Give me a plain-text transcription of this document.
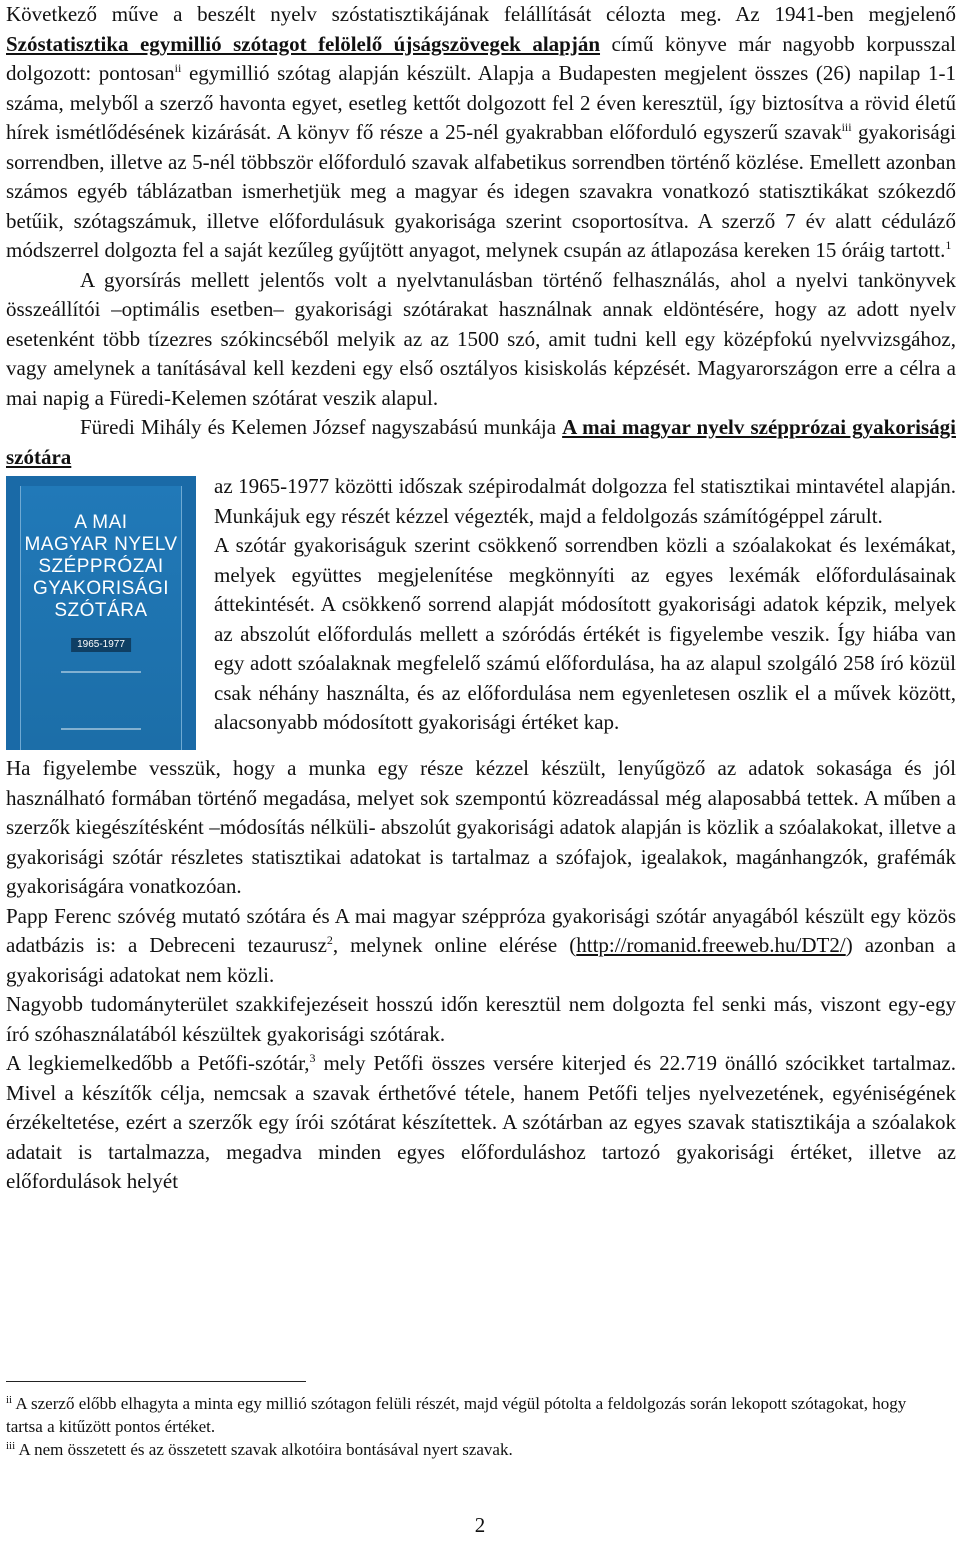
Következő műve a beszélt nyelv szóstatisztikájának felállítását célozta meg. Az 1941-ben megjelenő Szóstatisztika egymillió szótagot felölelő újságszövegek alapján című könyve már nagyobb korpusszal dolgozott: pontosan$^{ii}$ egymillió szótag alapján készült. Alapja a Budapesten megjelent összes (26) napilap 1-1 száma, melyből a szerző havonta egyet, esetleg kettőt dolgozott fel 2 éven keresztül, így biztosítva a rövid életű hírek ismétlődésének kizárását. A könyv fő része a 25-nél gyakrabban előforduló egyszerű szavak$^{iii}$ gyakorisági sorrendben, illetve az 5-nél többször előforduló szavak alfabetikus sorrendben történő közlése. Emellett azonban számos egyéb táblázatban ismerhetjük meg a magyar és idegen szavakra vonatkozó statisztikákat szókezdő betűik, szótagszámuk, illetve előfordulásuk gyakorisága szerint csoportosítva. A szerző 7 év alatt céduláző módszerrel dolgozta fel a saját kezűleg gyűjtött anyagot, melynek csupán az átlapozása kereken 15 óráig tartott.$^1$

A gyorsírás mellett jelentős volt a nyelvtanulásban történő felhasználás, ahol a nyelvi tankönyvek összeállítói –optimális esetben– gyakorisági szótárakat használnak annak eldöntésére, hogy az adott nyelv esetenként több tízezres szókincséből melyik az az 1500 szó, amit tudni kell egy középfokú nyelvvizsgához, vagy amelynek a tanításával kell kezdeni egy első osztályos kisiskolás képzését. Magyarországon erre a célra a mai napig a Füredi-Kelemen szótárat veszik alapul.

Füredi Mihály és Kelemen József nagyszabású munkája A mai magyar nyelv szépprózai gyakorisági szótára

A MAI
MAGYAR NYELV
SZÉPPRÓZAI
GYAKORISÁGI
SZÓTÁRA
1965-1977

az 1965-1977 közötti időszak szépirodalmát dolgozza fel statisztikai mintavétel alapján. Munkájuk egy részét kézzel végezték, majd a feldolgozás számítógéppel zárult.

A szótár gyakoriságuk szerint csökkenő sorrendben közli a szóalakokat és lexémákat, melyek együttes megjelenítése megkönnyíti az egyes lexémák előfordulásainak áttekintését. A csökkenő sorrend alapját módosított gyakorisági adatok képzik, melyek az abszolút előfordulás mellett a szóródás értékét is figyelembe veszik. Így hiába van egy adott szóalaknak megfelelő számú előfordulása, ha az alapul szolgáló 258 író közül csak néhány használta, és az előfordulása nem egyenletesen oszlik el a művek között, alacsonyabb módosított gyakorisági értéket kap.

Ha figyelembe vesszük, hogy a munka egy része kézzel készült, lenyűgöző az adatok sokasága és jól használható formában történő megadása, melyet sok szempontú közreadással még alaposabbá tettek. A műben a szerzők kiegészítésként –módosítás nélküli- abszolút gyakorisági adatok alapján is közlik a szóalakokat, illetve a gyakorisági szótár részletes statisztikai adatokat is tartalmaz a szófajok, igealakok, magánhangzók, grafémák gyakoriságára vonatkozóan.

Papp Ferenc szóvég mutató szótára és A mai magyar széppróza gyakorisági szótár anyagából készült egy közös adatbázis is: a Debreceni tezaurusz$^2$, melynek online elérése (http://romanid.freeweb.hu/DT2/) azonban a gyakorisági adatokat nem közli.

Nagyobb tudományterület szakkifejezéseit hosszú időn keresztül nem dolgozta fel senki más, viszont egy-egy író szóhasználatából készültek gyakorisági szótárak.

A legkiemelkedőbb a Petőfi-szótár,$^3$ mely Petőfi összes versére kiterjed és 22.719 önálló szócikket tartalmaz. Mivel a készítők célja, nemcsak a szavak érthetővé tétele, hanem Petőfi teljes nyelvezetének, egyéniségének érzékeltetése, ezért a szerzők egy írói szótárat készítettek. A szótárban az egyes szavak statisztikája a szóalakok adatait is tartalmazza, megadva minden egyes előforduláshoz tartozó gyakorisági értéket, illetve az előfordulások helyét

$^{ii}$ A szerző előbb elhagyta a minta egy millió szótagon felüli részét, majd végül pótolta a feldolgozás során lekopott szótagokat, hogy tartsa a kitűzött pontos értéket.

$^{iii}$ A nem összetett és az összetett szavak alkotóira bontásával nyert szavak.

2
